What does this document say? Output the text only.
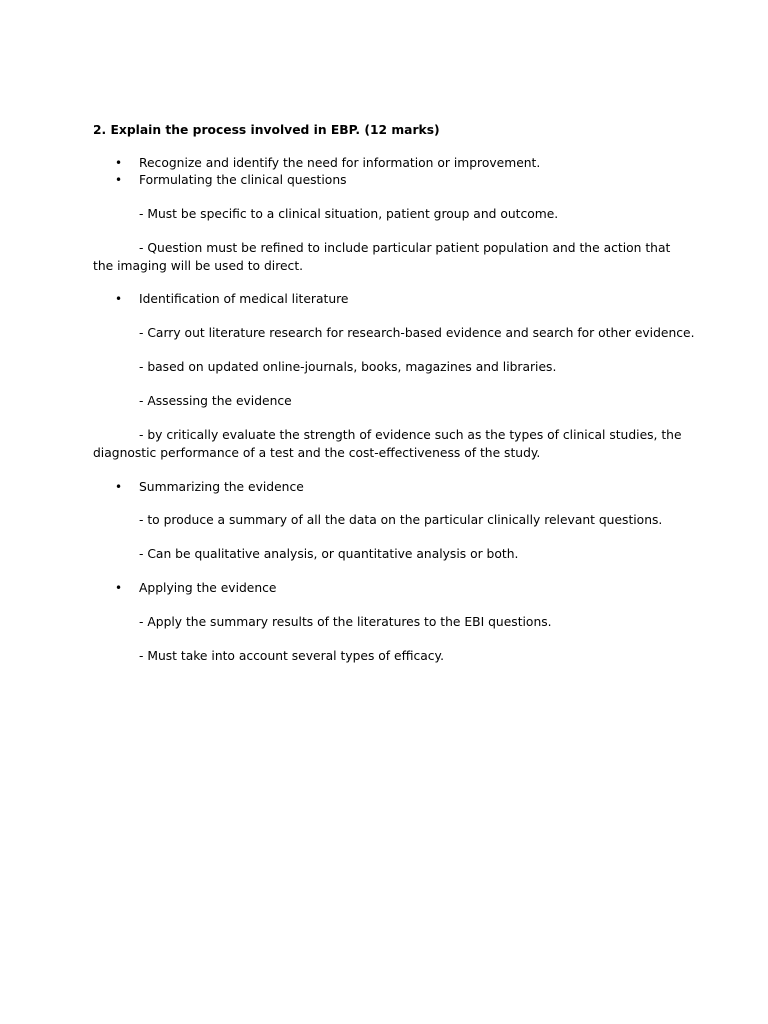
2. Explain the process involved in EBP. (12 marks)
• Recognize and identify the need for information or improvement.
• Formulating the clinical questions
- Must be specific to a clinical situation, patient group and outcome.
- Question must be refined to include particular patient population and the action that
the imaging will be used to direct.
• Identification of medical literature
- Carry out literature research for research-based evidence and search for other evidence.
- based on updated online-journals, books, magazines and libraries.
- Assessing the evidence
- by critically evaluate the strength of evidence such as the types of clinical studies, the
diagnostic performance of a test and the cost-effectiveness of the study.
• Summarizing the evidence
- to produce a summary of all the data on the particular clinically relevant questions.
- Can be qualitative analysis, or quantitative analysis or both.
• Applying the evidence
- Apply the summary results of the literatures to the EBI questions.
- Must take into account several types of efficacy.
